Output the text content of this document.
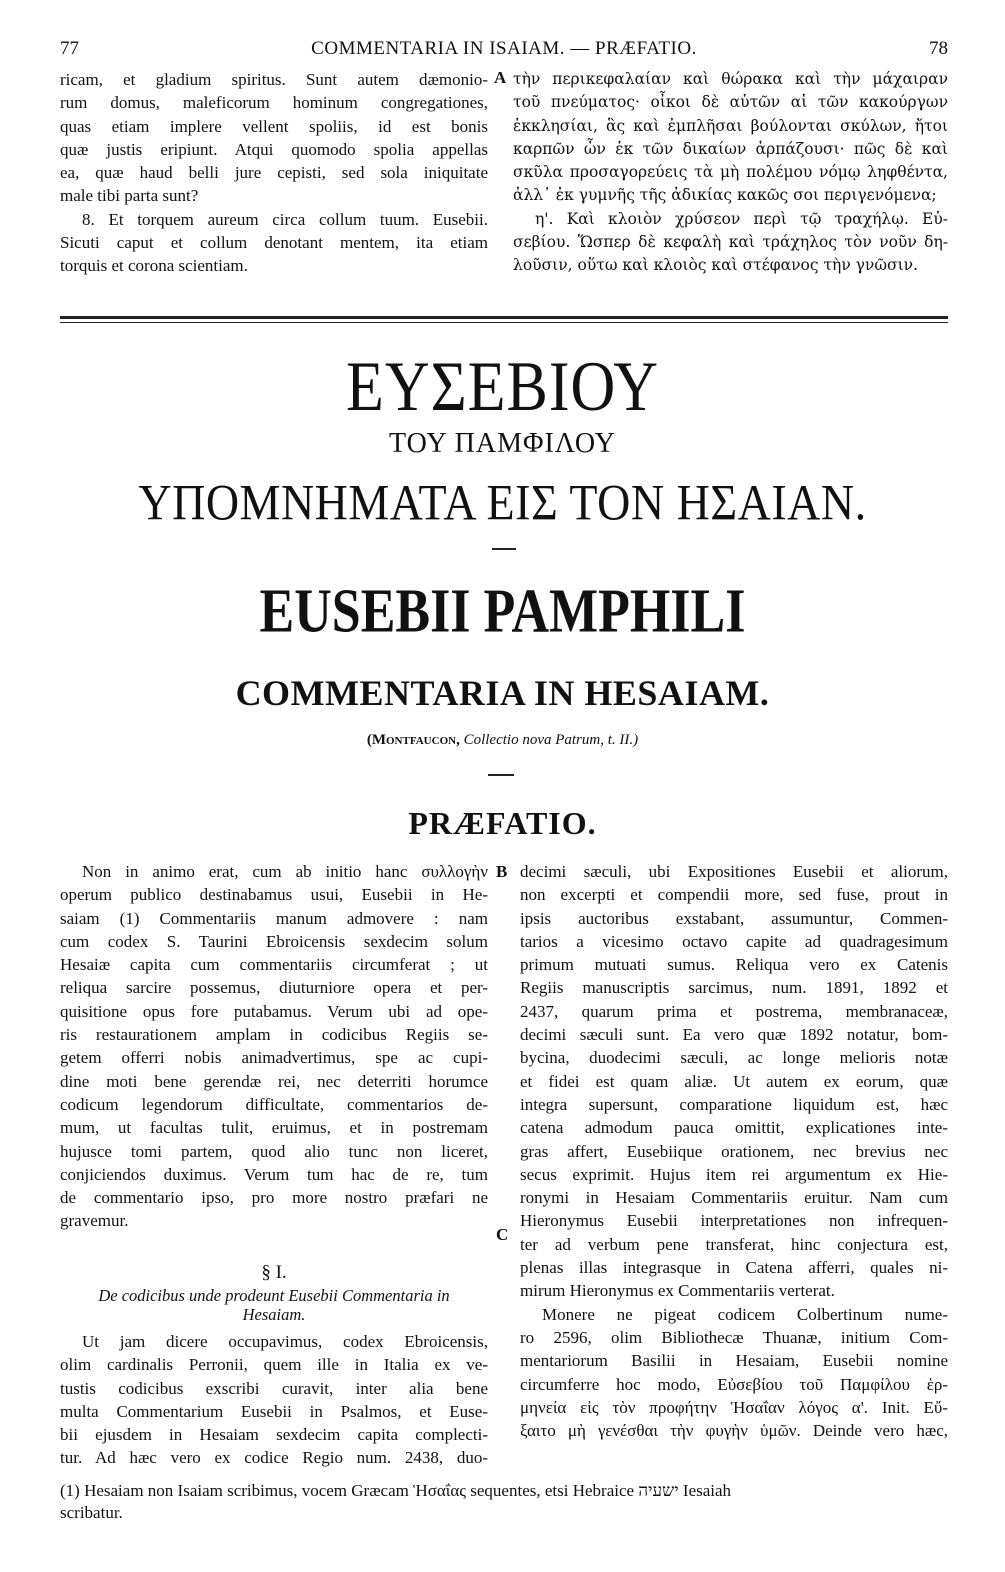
77	COMMENTARIA IN ISAIAM. — PRÆFATIO.	78
ricam, et gladium spiritus. Sunt autem dæmonio-
rum domus, maleficorum hominum congregationes,
quas etiam implere vellent spoliis, id est bonis
quæ justis eripiunt. Atqui quomodo spolia appellas
ea, quæ haud belli jure cepisti, sed sola iniquitate
male tibi parta sunt?
8. Et torquem aureum circa collum tuum. Eusebii.
Sicuti caput et collum denotant mentem, ita etiam
torquis et corona scientiam.
A τὴν περικεφαλαίαν καὶ θώρακα καὶ τὴν μάχαιραν
τοῦ πνεύματος· οἶκοι δὲ αὐτῶν αἱ τῶν κακούργων
ἐκκλησίαι, ἃς καὶ ἐμπλῆσαι βούλονται σκύλων, ἤτοι
καρπῶν ὧν ἐκ τῶν δικαίων ἁρπάζουσι· πῶς δὲ καὶ
σκῦλα προσαγορεύεις τὰ μὴ πολέμου νόμῳ ληφθέντα,
ἀλλ᾽ ἐκ γυμνῆς τῆς ἀδικίας κακῶς σοι περιγενόμενα;
η'. Καὶ κλοιὸν χρύσεον περὶ τῷ τραχήλῳ. Εὐ-
σεβίου. Ὥσπερ δὲ κεφαλὴ καὶ τράχηλος τὸν νοῦν δη-
λοῦσιν, οὕτω καὶ κλοιὸς καὶ στέφανος τὴν γνῶσιν.
ΕΥΣΕΒΙΟΥ
ΤΟΥ ΠΑΜΦΙΛΟΥ
ΥΠΟΜΝΗΜΑΤΑ ΕΙΣ ΤΟΝ ΗΣΑΙΑΝ.
EUSEBII PAMPHILI
COMMENTARIA IN HESAIAM.
(Montfaucon, Collectio nova Patrum, t. II.)
PRÆFATIO.
Non in animo erat, cum ab initio hanc συλλογὴν
operum publico destinabamus usui, Eusebii in He-
saiam (1) Commentariis manum admovere : nam
cum codex S. Taurini Ebroicensis sexdecim solum
Hesaiæ capita cum commentariis circumferat ; ut
reliqua sarcire possemus, diuturniore opera et per-
quisitione opus fore putabamus. Verum ubi ad ope-
ris restaurationem amplam in codicibus Regiis se-
getem offerri nobis animadvertimus, spe ac cupi-
dine moti bene gerendæ rei, nec deterriti horumce
codicum legendorum difficultate, commentarios de-
mum, ut facultas tulit, eruimus, et in postremam
hujusce tomi partem, quod alio tunc non liceret,
conjiciendos duximus. Verum tum hac de re, tum
de commentario ipso, pro more nostro præfari ne
gravemur.
B
C
§ I.
De codicibus unde prodeunt Eusebii Commentaria in
Hesaiam.
Ut jam dicere occupavimus, codex Ebroicensis,
olim cardinalis Perronii, quem ille in Italia ex ve-
tustis codicibus exscribi curavit, inter alia bene
multa Commentarium Eusebii in Psalmos, et Euse-
bii ejusdem in Hesaiam sexdecim capita complecti-
tur. Ad hæc vero ex codice Regio num. 2438, duo-
decimi sæculi, ubi Expositiones Eusebii et aliorum,
non excerpti et compendii more, sed fuse, prout in
ipsis auctoribus exstabant, assumuntur, Commen-
tarios a vicesimo octavo capite ad quadragesimum
primum mutuati sumus. Reliqua vero ex Catenis
Regiis manuscriptis sarcimus, num. 1891, 1892 et
2437, quarum prima et postrema, membranaceæ,
decimi sæculi sunt. Ea vero quæ 1892 notatur, bom-
bycina, duodecimi sæculi, ac longe melioris notæ
et fidei est quam aliæ. Ut autem ex eorum, quæ
integra supersunt, comparatione liquidum est, hæc
catena admodum pauca omittit, explicationes inte-
gras affert, Eusebiique orationem, nec brevius nec
secus exprimit. Hujus item rei argumentum ex Hie-
ronymi in Hesaiam Commentariis eruitur. Nam cum
Hieronymus Eusebii interpretationes non infrequen-
ter ad verbum pene transferat, hinc conjectura est,
plenas illas integrasque in Catena afferri, quales ni-
mirum Hieronymus ex Commentariis verterat.
Monere ne pigeat codicem Colbertinum nume-
ro 2596, olim Bibliothecæ Thuanæ, initium Com-
mentariorum Basilii in Hesaiam, Eusebii nomine
circumferre hoc modo, Εὐσεβίου τοῦ Παμφίλου ἑρ-
μηνεία εἰς τὸν προφήτην Ἡσαΐαν λόγος α'. Init. Εὔ-
ξαιτο μὴ γενέσθαι τὴν φυγὴν ὑμῶν. Deinde vero hæc,
(1) Hesaiam non Isaiam scribimus, vocem Græcam Ἡσαΐας sequentes, etsi Hebraice ישעיה Iesaiah
scribatur.
